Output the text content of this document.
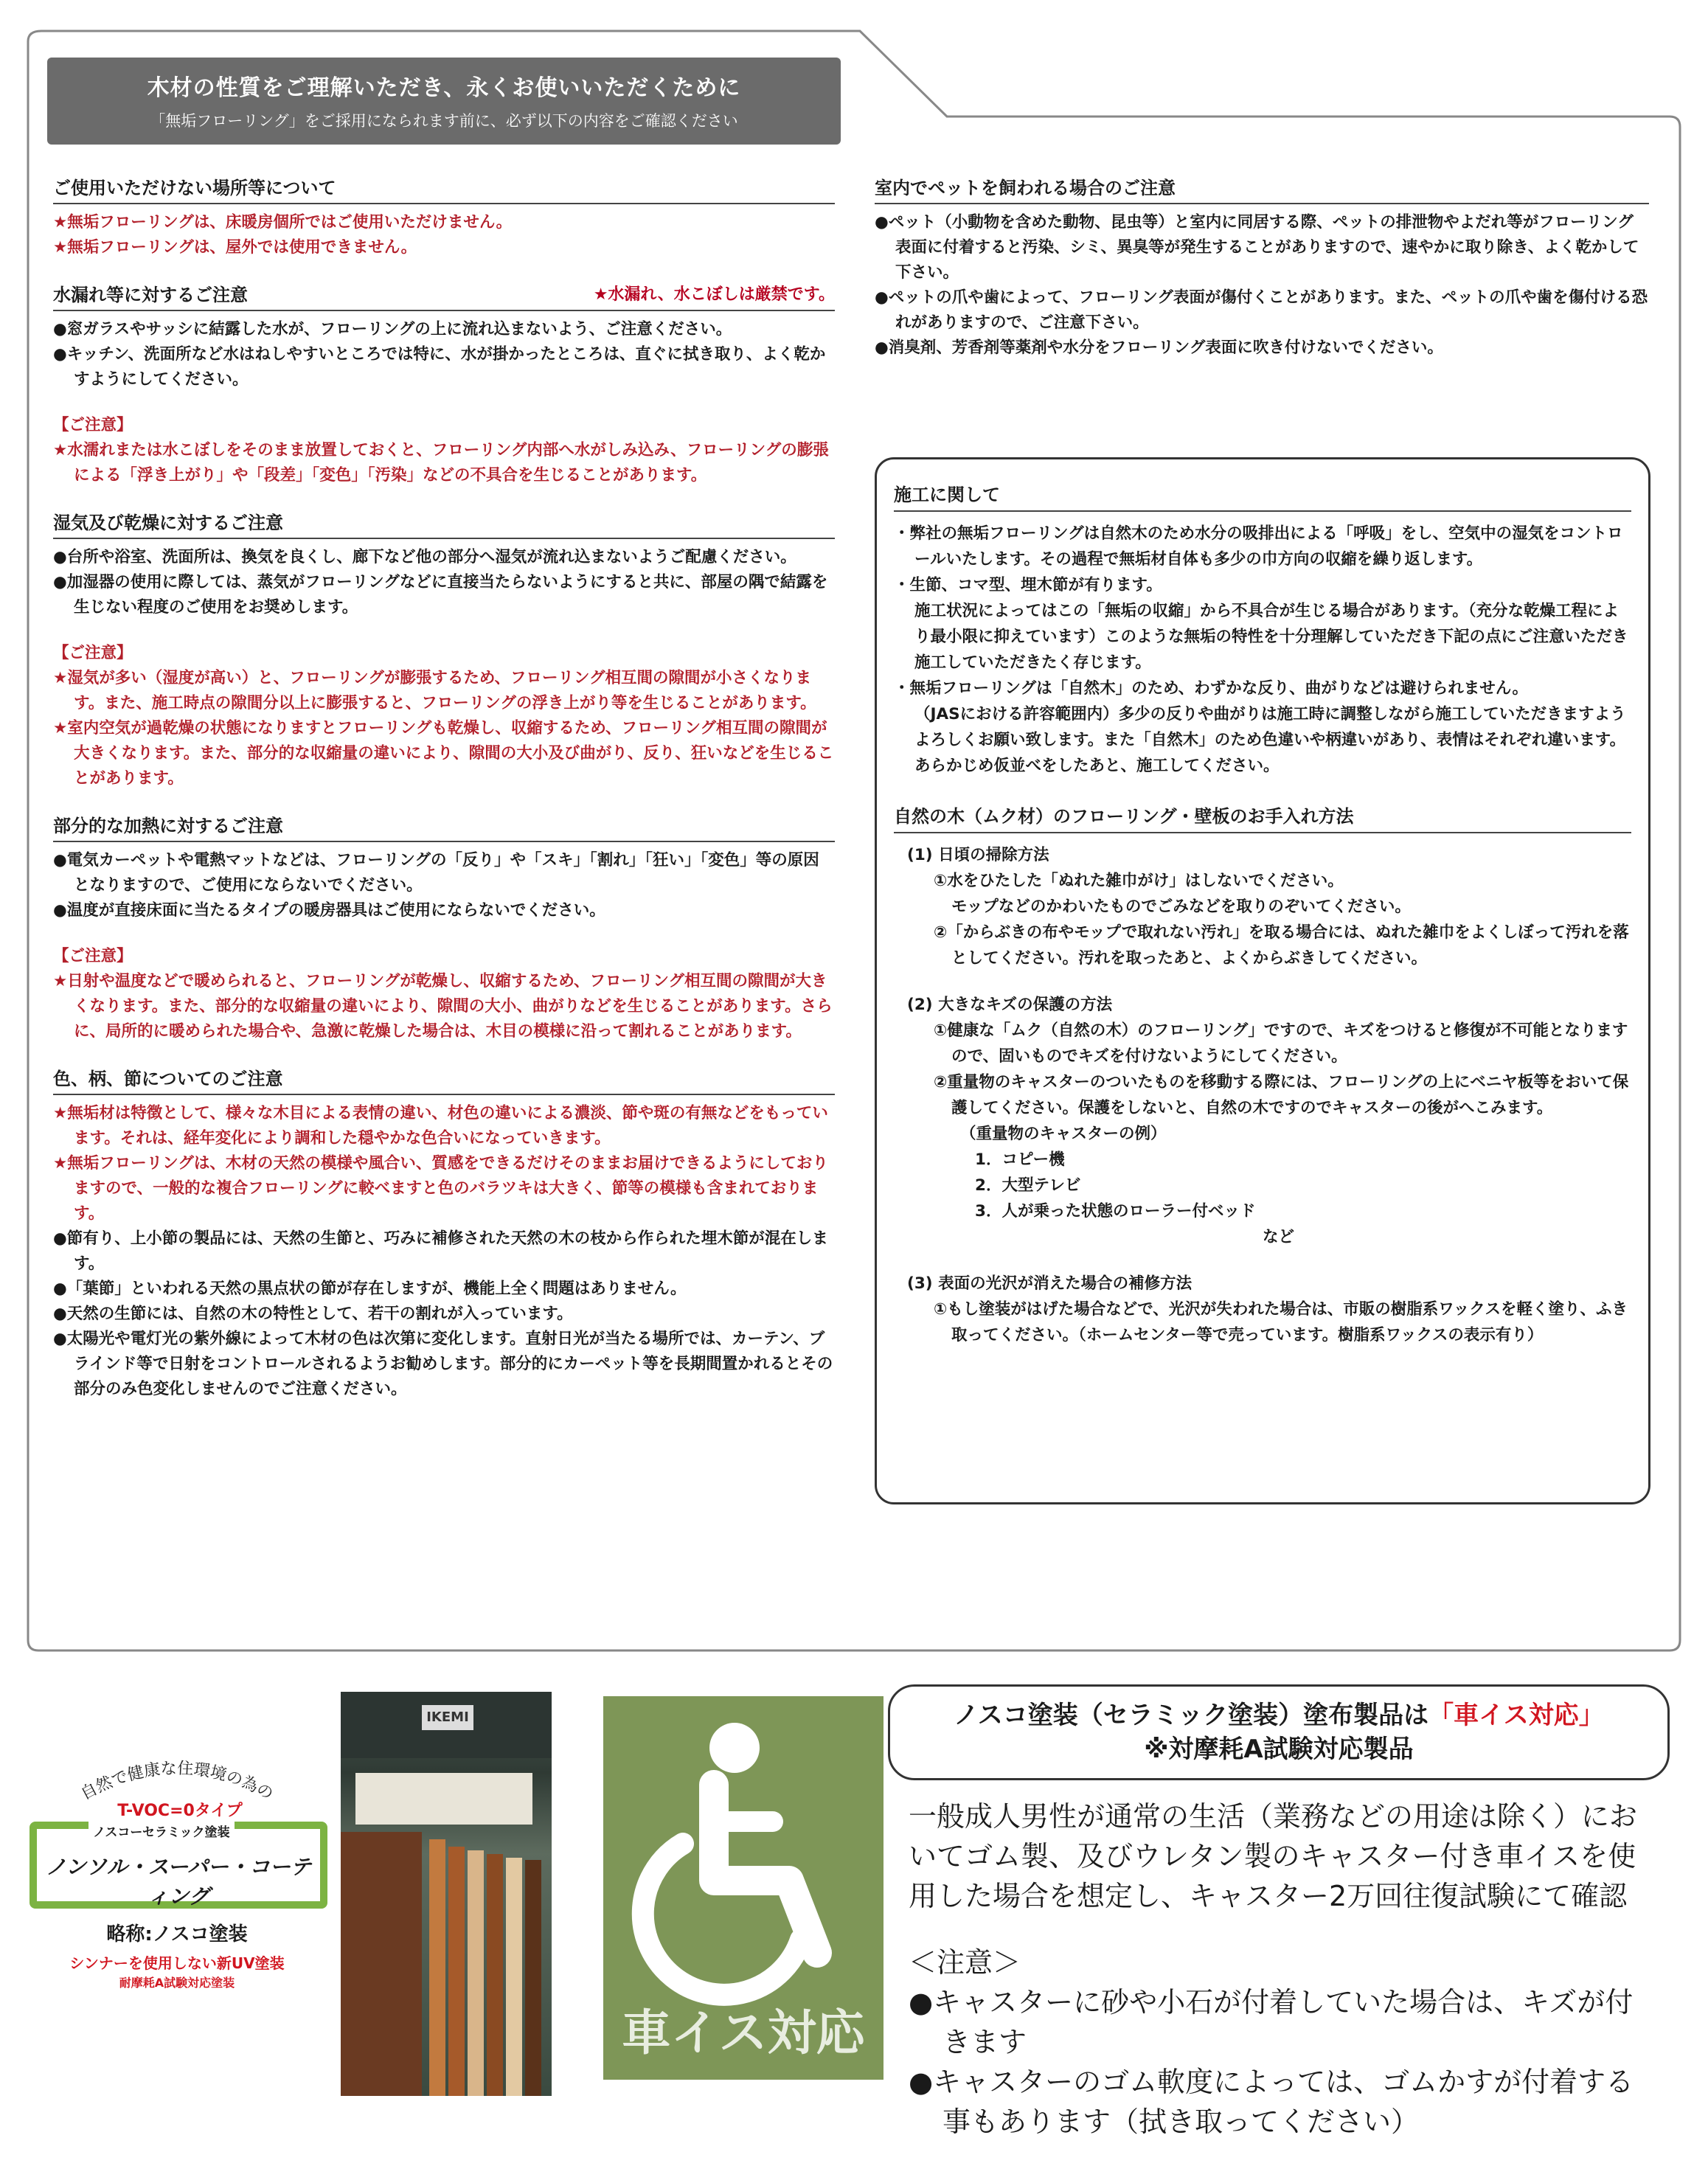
木材の性質をご理解いただき、永くお使いいただくために
「無垢フローリング」をご採用になられます前に、必ず以下の内容をご確認ください
ご使用いただけない場所等について
★無垢フローリングは、床暖房個所ではご使用いただけません。
★無垢フローリングは、屋外では使用できません。
水漏れ等に対するご注意	★水漏れ、水こぼしは厳禁です。
●窓ガラスやサッシに結露した水が、フローリングの上に流れ込まないよう、ご注意ください。
●キッチン、洗面所など水はねしやすいところでは特に、水が掛かったところは、直ぐに拭き取り、よく乾かすようにしてください。
【ご注意】
★水濡れまたは水こぼしをそのまま放置しておくと、フローリング内部へ水がしみ込み、フローリングの膨張による「浮き上がり」や「段差」「変色」「汚染」などの不具合を生じることがあります。
湿気及び乾燥に対するご注意
●台所や浴室、洗面所は、換気を良くし、廊下など他の部分へ湿気が流れ込まないようご配慮ください。
●加湿器の使用に際しては、蒸気がフローリングなどに直接当たらないようにすると共に、部屋の隅で結露を生じない程度のご使用をお奨めします。
【ご注意】
★湿気が多い（湿度が高い）と、フローリングが膨張するため、フローリング相互間の隙間が小さくなります。また、施工時点の隙間分以上に膨張すると、フローリングの浮き上がり等を生じることがあります。
★室内空気が過乾燥の状態になりますとフローリングも乾燥し、収縮するため、フローリング相互間の隙間が大きくなります。また、部分的な収縮量の違いにより、隙間の大小及び曲がり、反り、狂いなどを生じることがあります。
部分的な加熱に対するご注意
●電気カーペットや電熱マットなどは、フローリングの「反り」や「スキ」「割れ」「狂い」「変色」等の原因となりますので、ご使用にならないでください。
●温度が直接床面に当たるタイプの暖房器具はご使用にならないでください。
【ご注意】
★日射や温度などで暖められると、フローリングが乾燥し、収縮するため、フローリング相互間の隙間が大きくなります。また、部分的な収縮量の違いにより、隙間の大小、曲がりなどを生じることがあります。さらに、局所的に暖められた場合や、急激に乾燥した場合は、木目の模様に沿って割れることがあります。
色、柄、節についてのご注意
★無垢材は特徴として、様々な木目による表情の違い、材色の違いによる濃淡、節や斑の有無などをもっています。それは、経年変化により調和した穏やかな色合いになっていきます。
★無垢フローリングは、木材の天然の模様や風合い、質感をできるだけそのままお届けできるようにしておりますので、一般的な複合フローリングに較べますと色のバラツキは大きく、節等の模様も含まれております。
●節有り、上小節の製品には、天然の生節と、巧みに補修された天然の木の枝から作られた埋木節が混在します。
●「葉節」といわれる天然の黒点状の節が存在しますが、機能上全く問題はありません。
●天然の生節には、自然の木の特性として、若干の割れが入っています。
●太陽光や電灯光の紫外線によって木材の色は次第に変化します。直射日光が当たる場所では、カーテン、ブラインド等で日射をコントロールされるようお勧めします。部分的にカーペット等を長期間置かれるとその部分のみ色変化しませんのでご注意ください。
室内でペットを飼われる場合のご注意
●ペット（小動物を含めた動物、昆虫等）と室内に同居する際、ペットの排泄物やよだれ等がフローリング表面に付着すると汚染、シミ、異臭等が発生することがありますので、速やかに取り除き、よく乾かして下さい。
●ペットの爪や歯によって、フローリング表面が傷付くことがあります。また、ペットの爪や歯を傷付ける恐れがありますので、ご注意下さい。
●消臭剤、芳香剤等薬剤や水分をフローリング表面に吹き付けないでください。
施工に関して
・弊社の無垢フローリングは自然木のため水分の吸排出による「呼吸」をし、空気中の湿気をコントロールいたします。その過程で無垢材自体も多少の巾方向の収縮を繰り返します。
・生節、コマ型、埋木節が有ります。
施工状況によってはこの「無垢の収縮」から不具合が生じる場合があります。（充分な乾燥工程により最小限に抑えています）このような無垢の特性を十分理解していただき下記の点にご注意いただき施工していただきたく存じます。
・無垢フローリングは「自然木」のため、わずかな反り、曲がりなどは避けられません。
（JASにおける許容範囲内）多少の反りや曲がりは施工時に調整しながら施工していただきますようよろしくお願い致します。また「自然木」のため色違いや柄違いがあり、表情はそれぞれ違います。あらかじめ仮並べをしたあと、施工してください。
自然の木（ムク材）のフローリング・壁板のお手入れ方法
(1) 日頃の掃除方法
①水をひたした「ぬれた雑巾がけ」はしないでください。
モップなどのかわいたものでごみなどを取りのぞいてください。
②「からぶきの布やモップで取れない汚れ」を取る場合には、ぬれた雑巾をよくしぼって汚れを落としてください。汚れを取ったあと、よくからぶきしてください。
(2) 大きなキズの保護の方法
①健康な「ムク（自然の木）のフローリング」ですので、キズをつけると修復が不可能となりますので、固いものでキズを付けないようにしてください。
②重量物のキャスターのついたものを移動する際には、フローリングの上にベニヤ板等をおいて保護してください。保護をしないと、自然の木ですのでキャスターの後がへこみます。
（重量物のキャスターの例）
1．コピー機
2．大型テレビ
3．人が乗った状態のローラー付ベッド
など
(3) 表面の光沢が消えた場合の補修方法
①もし塗装がはげた場合などで、光沢が失われた場合は、市販の樹脂系ワックスを軽く塗り、ふき取ってください。（ホームセンター等で売っています。樹脂系ワックスの表示有り）
自然で健康な住環境の為の
T-VOC=0タイプ
ノスコーセラミック塗装
ノンソル・スーパー・コーティング
略称:ノスコ塗装
シンナーを使用しない新UV塗装
耐摩耗A試験対応塗装
IKEMI
車イス対応
ノスコ塗装（セラミック塗装）塗布製品は「車イス対応」
※対摩耗A試験対応製品
一般成人男性が通常の生活（業務などの用途は除く）においてゴム製、及びウレタン製のキャスター付き車イスを使用した場合を想定し、キャスター2万回往復試験にて確認
＜注意＞
●キャスターに砂や小石が付着していた場合は、キズが付きます
●キャスターのゴム軟度によっては、ゴムかすが付着する事もあります（拭き取ってください）
